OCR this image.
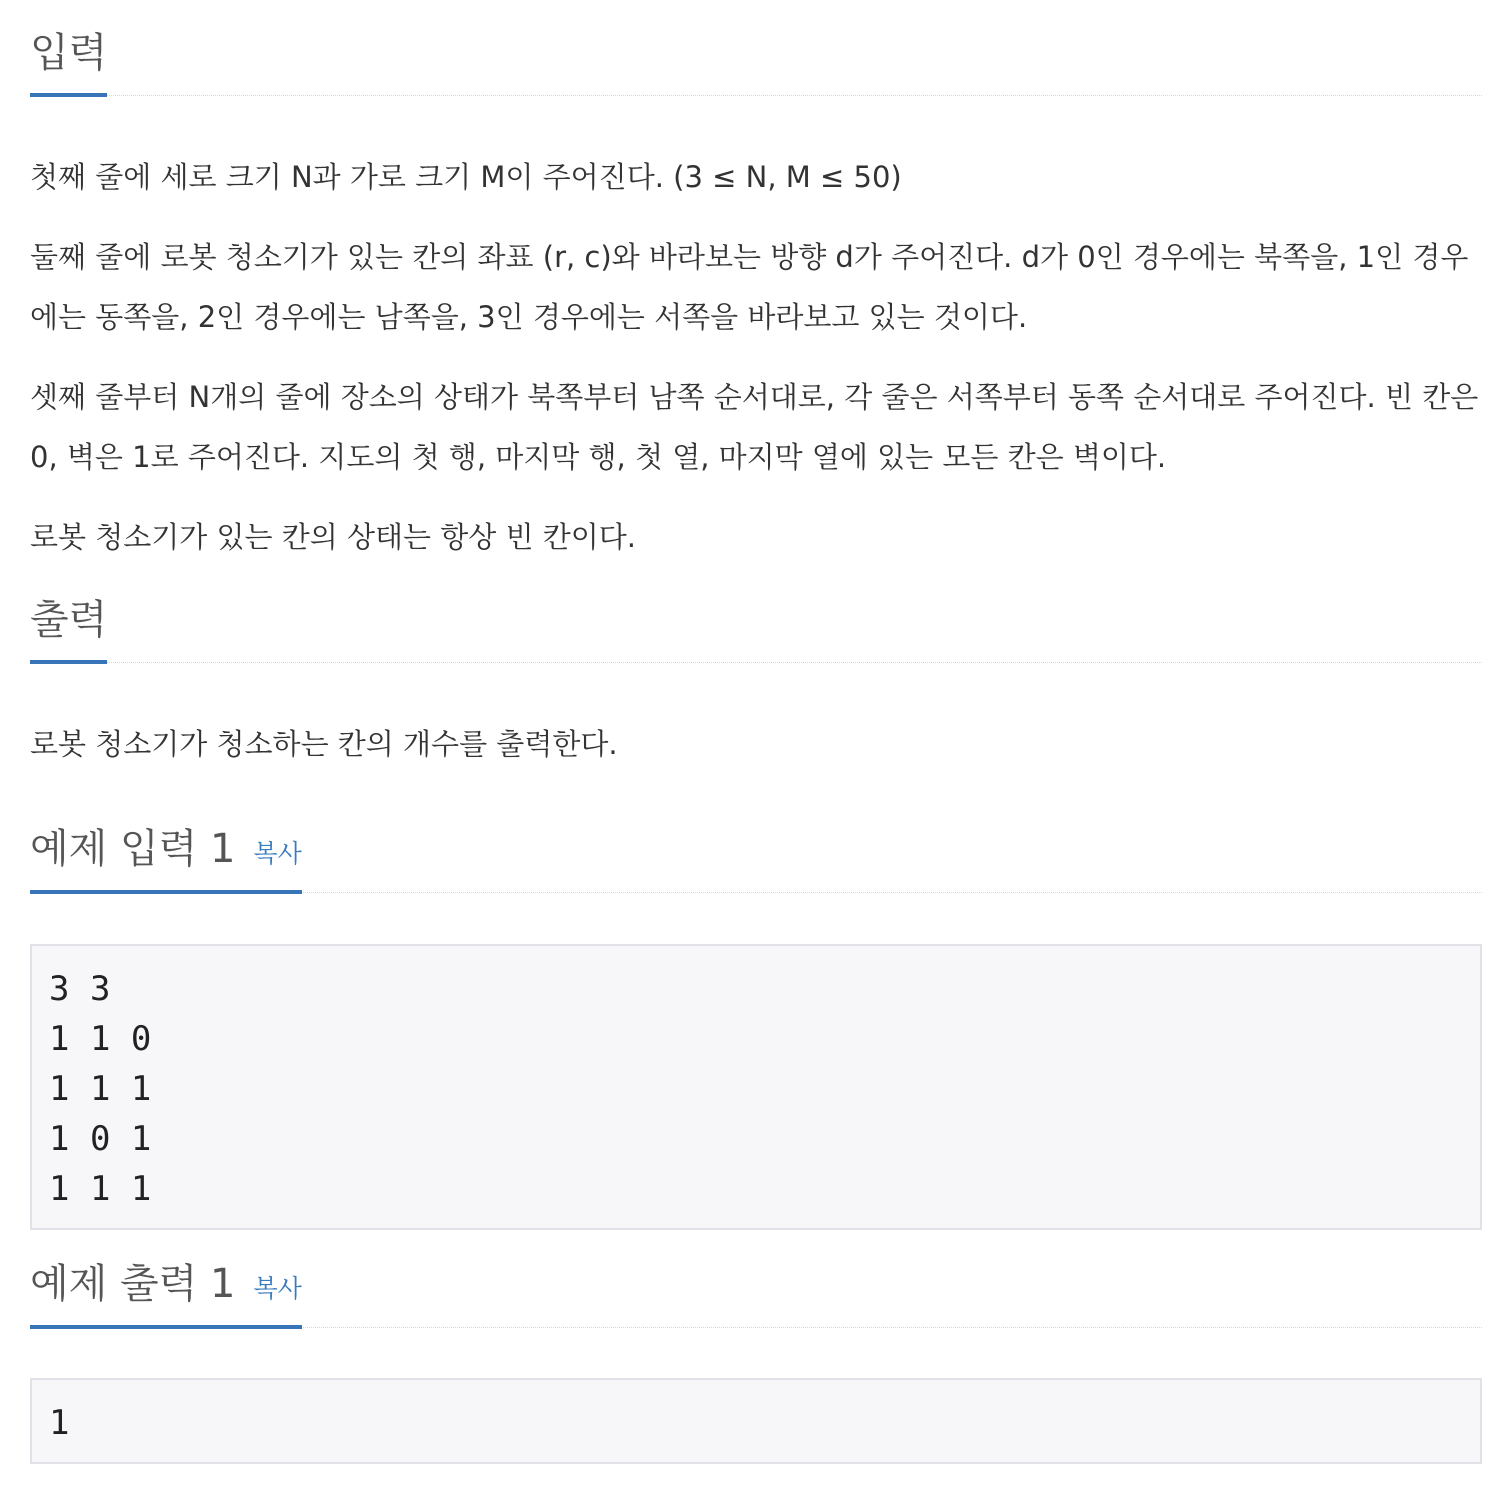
입력
첫째 줄에 세로 크기 N과 가로 크기 M이 주어진다. (3 ≤ N, M ≤ 50)
둘째 줄에 로봇 청소기가 있는 칸의 좌표 (r, c)와 바라보는 방향 d가 주어진다. d가 0인 경우에는 북쪽을, 1인 경우에는 동쪽을, 2인 경우에는 남쪽을, 3인 경우에는 서쪽을 바라보고 있는 것이다.
셋째 줄부터 N개의 줄에 장소의 상태가 북쪽부터 남쪽 순서대로, 각 줄은 서쪽부터 동쪽 순서대로 주어진다. 빈 칸은 0, 벽은 1로 주어진다. 지도의 첫 행, 마지막 행, 첫 열, 마지막 열에 있는 모든 칸은 벽이다.
로봇 청소기가 있는 칸의 상태는 항상 빈 칸이다.
출력
로봇 청소기가 청소하는 칸의 개수를 출력한다.
예제 입력 1 복사
3 3
1 1 0
1 1 1
1 0 1
1 1 1
예제 출력 1 복사
1
